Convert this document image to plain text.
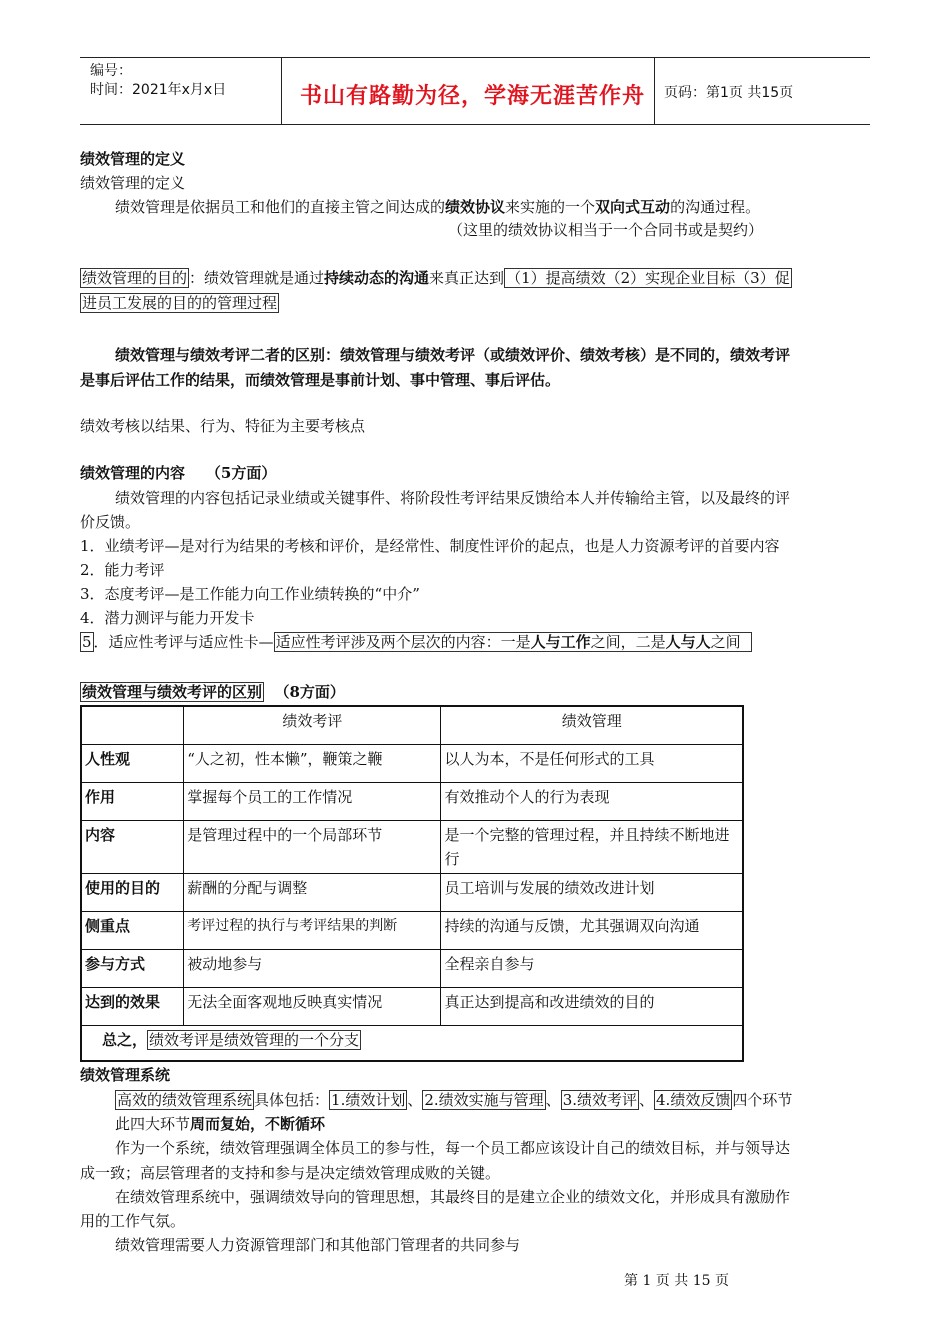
编号：
时间：2021年x月x日	书山有路勤为径，学海无涯苦作舟 页码：第1页 共15页
绩效管理的定义
绩效管理的定义
绩效管理是依据员工和他们的直接主管之间达成的绩效协议来实施的一个双向式互动的沟通过程。
（这里的绩效协议相当于一个合同书或是契约）
绩效管理的目的 ：绩效管理就是通过持续动态的沟通来真正达到 （1）提高绩效（2）实现企业目标（3）促
进员工发展的目的的管理过程
绩效管理与绩效考评二者的区别：绩效管理与绩效考评（或绩效评价、绩效考核）是不同的，绩效考评
是事后评估工作的结果，而绩效管理是事前计划、事中管理、事后评估。
绩效考核以结果、行为、特征为主要考核点
绩效管理的内容 （5方面）
绩效管理的内容包括记录业绩或关键事件、将阶段性考评结果反馈给本人并传输给主管，以及最终的评
价反馈。
1．业绩考评—是对行为结果的考核和评价，是经常性、制度性评价的起点，也是人力资源考评的首要内容
2．能力考评
3．态度考评—是工作能力向工作业绩转换的“中介”
4．潜力测评与能力开发卡
5 ．适应性考评与适应性卡— 适应性考评涉及两个层次的内容：一是人与工作之间，二是人与人之间
绩效管理与绩效考评的区别 （8方面）
	绩效考评	绩效管理
人性观	“人之初，性本懒”，鞭策之鞭	以人为本，不是任何形式的工具
作用	掌握每个员工的工作情况	有效推动个人的行为表现
内容	是管理过程中的一个局部环节	是一个完整的管理过程，并且持续不断地进行
使用的目的	薪酬的分配与调整	员工培训与发展的绩效改进计划
侧重点	考评过程的执行与考评结果的判断	持续的沟通与反馈，尤其强调双向沟通
参与方式	被动地参与	全程亲自参与
达到的效果	无法全面客观地反映真实情况	真正达到提高和改进绩效的目的
总之， 绩效考评是绩效管理的一个分支		
绩效管理系统
高效的绩效管理系统 具体包括： 1.绩效计划 、 2.绩效实施与管理 、 3.绩效考评 、 4.绩效反馈 四个环节
此四大环节周而复始，不断循环
作为一个系统，绩效管理强调全体员工的参与性，每一个员工都应该设计自己的绩效目标，并与领导达
成一致；高层管理者的支持和参与是决定绩效管理成败的关键。
在绩效管理系统中，强调绩效导向的管理思想，其最终目的是建立企业的绩效文化，并形成具有激励作
用的工作气氛。
绩效管理需要人力资源管理部门和其他部门管理者的共同参与
第 1 页 共 15 页
